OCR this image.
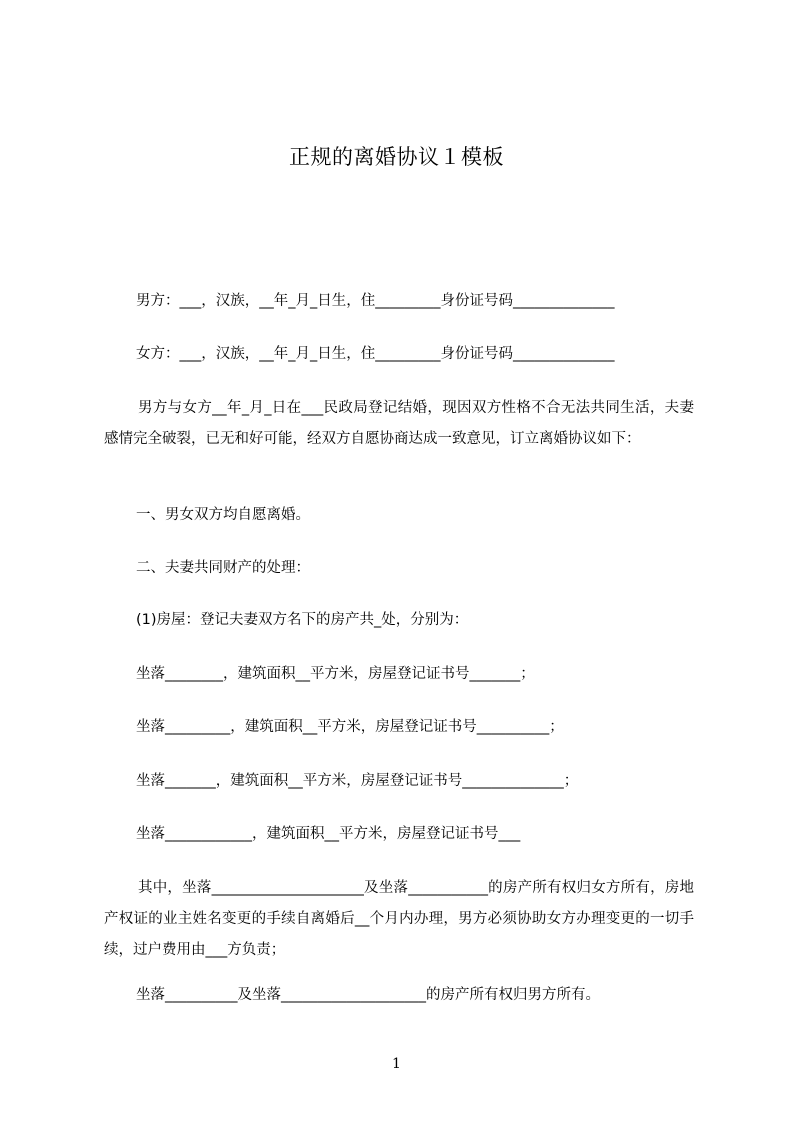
正规的离婚协议１模板
男方：___，汉族，__年_月_日生，住_________身份证号码______________
女方：___，汉族，__年_月_日生，住_________身份证号码______________
男方与女方__年_月_日在___民政局登记结婚，现因双方性格不合无法共同生活，夫妻感情完全破裂，已无和好可能，经双方自愿协商达成一致意见，订立离婚协议如下：
一、男女双方均自愿离婚。
二、夫妻共同财产的处理：
(1)房屋：登记夫妻双方名下的房产共_处，分别为：
坐落________，建筑面积__平方米，房屋登记证书号_______；
坐落_________，建筑面积__平方米，房屋登记证书号__________；
坐落_______，建筑面积__平方米，房屋登记证书号______________；
坐落____________，建筑面积__平方米，房屋登记证书号___
其中，坐落_____________________及坐落___________的房产所有权归女方所有，房地产权证的业主姓名变更的手续自离婚后__个月内办理，男方必须协助女方办理变更的一切手续，过户费用由___方负责；
坐落__________及坐落____________________的房产所有权归男方所有。
1
